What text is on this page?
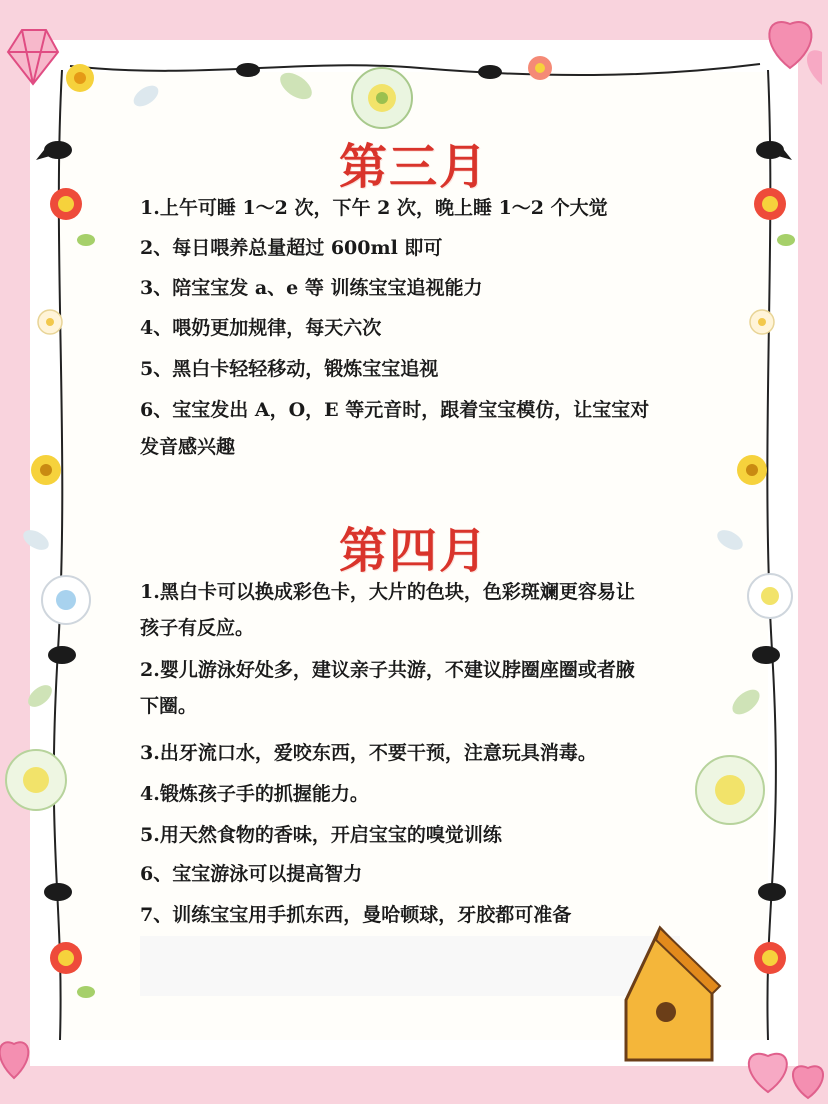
第三月
1.上午可睡 1～2 次，下午 2 次，晚上睡 1～2 个大觉
2、每日喂养总量超过 600ml 即可
3、陪宝宝发 a、e 等 训练宝宝追视能力
4、喂奶更加规律，每天六次
5、黑白卡轻轻移动，锻炼宝宝追视
6、宝宝发出 A，O，E 等元音时，跟着宝宝模仿，让宝宝对
发音感兴趣
第四月
1.黑白卡可以换成彩色卡，大片的色块，色彩斑斓更容易让
孩子有反应。
2.婴儿游泳好处多，建议亲子共游，不建议脖圈座圈或者腋
下圈。
3.出牙流口水，爱咬东西，不要干预，注意玩具消毒。
4.锻炼孩子手的抓握能力。
5.用天然食物的香味，开启宝宝的嗅觉训练
6、宝宝游泳可以提高智力
7、训练宝宝用手抓东西，曼哈顿球，牙胶都可准备
